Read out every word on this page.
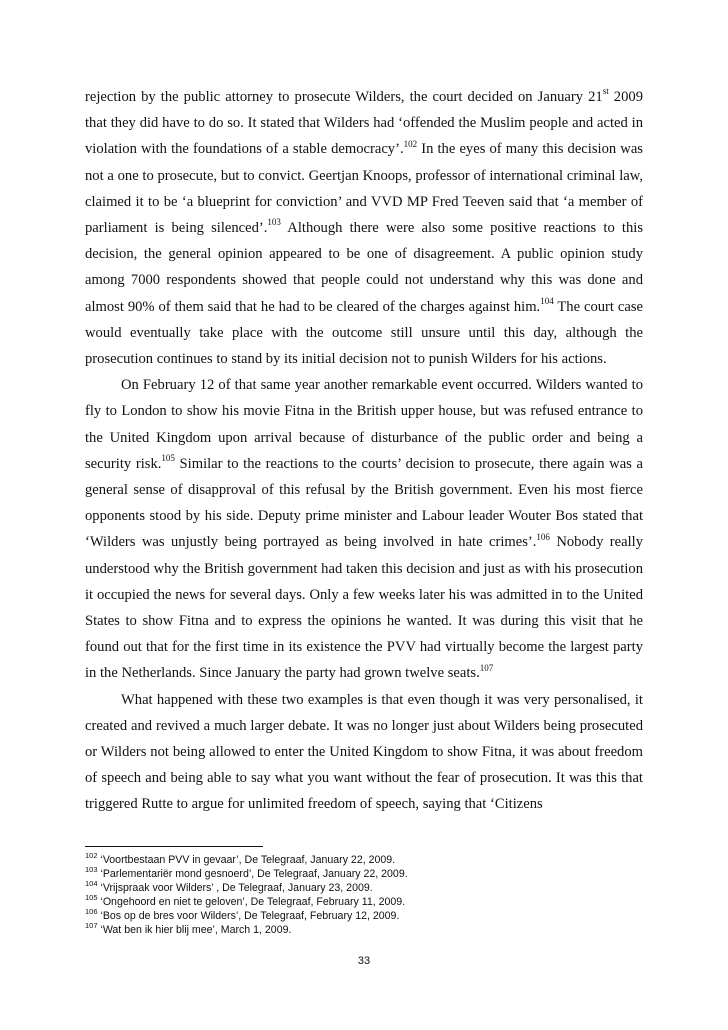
rejection by the public attorney to prosecute Wilders, the court decided on January 21st 2009 that they did have to do so. It stated that Wilders had ‘offended the Muslim people and acted in violation with the foundations of a stable democracy’.$^{102}$ In the eyes of many this decision was not a one to prosecute, but to convict. Geertjan Knoops, professor of international criminal law, claimed it to be ‘a blueprint for conviction’ and VVD MP Fred Teeven said that ‘a member of parliament is being silenced’.$^{103}$ Although there were also some positive reactions to this decision, the general opinion appeared to be one of disagreement. A public opinion study among 7000 respondents showed that people could not understand why this was done and almost 90% of them said that he had to be cleared of the charges against him.$^{104}$ The court case would eventually take place with the outcome still unsure until this day, although the prosecution continues to stand by its initial decision not to punish Wilders for his actions.

On February 12 of that same year another remarkable event occurred. Wilders wanted to fly to London to show his movie Fitna in the British upper house, but was refused entrance to the United Kingdom upon arrival because of disturbance of the public order and being a security risk.$^{105}$ Similar to the reactions to the courts’ decision to prosecute, there again was a general sense of disapproval of this refusal by the British government. Even his most fierce opponents stood by his side. Deputy prime minister and Labour leader Wouter Bos stated that ‘Wilders was unjustly being portrayed as being involved in hate crimes’.$^{106}$ Nobody really understood why the British government had taken this decision and just as with his prosecution it occupied the news for several days. Only a few weeks later his was admitted in to the United States to show Fitna and to express the opinions he wanted. It was during this visit that he found out that for the first time in its existence the PVV had virtually become the largest party in the Netherlands. Since January the party had grown twelve seats.$^{107}$

What happened with these two examples is that even though it was very personalised, it created and revived a much larger debate. It was no longer just about Wilders being prosecuted or Wilders not being allowed to enter the United Kingdom to show Fitna, it was about freedom of speech and being able to say what you want without the fear of prosecution. It was this that triggered Rutte to argue for unlimited freedom of speech, saying that ‘Citizens

$^{102}$ ‘Voortbestaan PVV in gevaar’, De Telegraaf, January 22, 2009.
$^{103}$ ‘Parlementariër mond gesnoerd’, De Telegraaf, January 22, 2009.
$^{104}$ ‘Vrijspraak voor Wilders’ , De Telegraaf, January 23, 2009.
$^{105}$ ‘Ongehoord en niet te geloven’, De Telegraaf, February 11, 2009.
$^{106}$ ‘Bos op de bres voor Wilders’, De Telegraaf, February 12, 2009.
$^{107}$ ‘Wat ben ik hier blij mee’, March 1, 2009.
33
